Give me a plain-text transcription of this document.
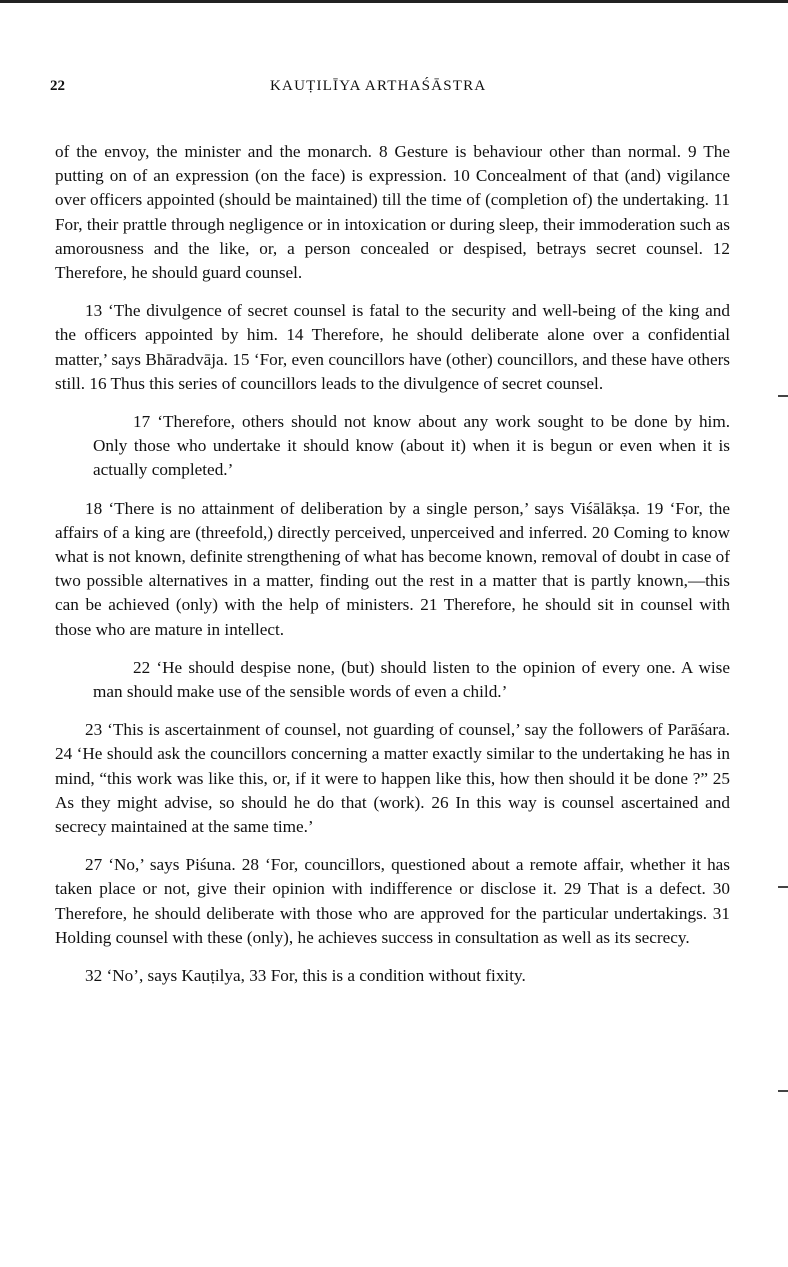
22	KAUṬILĪYA ARTHAŚĀSTRA

of the envoy, the minister and the monarch. 8 Gesture is behaviour other than normal. 9 The putting on of an expression (on the face) is expression. 10 Concealment of that (and) vigilance over officers appointed (should be maintained) till the time of (completion of) the undertaking. 11 For, their prattle through negligence or in intoxication or during sleep, their immoderation such as amorousness and the like, or, a person concealed or despised, betrays secret counsel. 12 Therefore, he should guard counsel.

13 ‘The divulgence of secret counsel is fatal to the security and well-being of the king and the officers appointed by him. 14 Therefore, he should deliberate alone over a confidential matter,’ says Bhāradvāja. 15 ‘For, even councillors have (other) councillors, and these have others still. 16 Thus this series of councillors leads to the divulgence of secret counsel.

17 ‘Therefore, others should not know about any work sought to be done by him. Only those who undertake it should know (about it) when it is begun or even when it is actually completed.’

18 ‘There is no attainment of deliberation by a single person,’ says Viśālākṣa. 19 ‘For, the affairs of a king are (threefold,) directly perceived, unperceived and inferred. 20 Coming to know what is not known, definite strengthening of what has become known, removal of doubt in case of two possible alternatives in a matter, finding out the rest in a matter that is partly known,—this can be achieved (only) with the help of ministers. 21 Therefore, he should sit in counsel with those who are mature in intellect.

22 ‘He should despise none, (but) should listen to the opinion of every one. A wise man should make use of the sensible words of even a child.’

23 ‘This is ascertainment of counsel, not guarding of counsel,’ say the followers of Parāśara. 24 ‘He should ask the councillors concerning a matter exactly similar to the undertaking he has in mind, “this work was like this, or, if it were to happen like this, how then should it be done ?” 25 As they might advise, so should he do that (work). 26 In this way is counsel ascertained and secrecy maintained at the same time.’

27 ‘No,’ says Piśuna. 28 ‘For, councillors, questioned about a remote affair, whether it has taken place or not, give their opinion with indifference or disclose it. 29 That is a defect. 30 Therefore, he should deliberate with those who are approved for the particular undertakings. 31 Holding counsel with these (only), he achieves success in consultation as well as its secrecy.

32 ‘No’, says Kauṭilya, 33 For, this is a condition without fixity.
